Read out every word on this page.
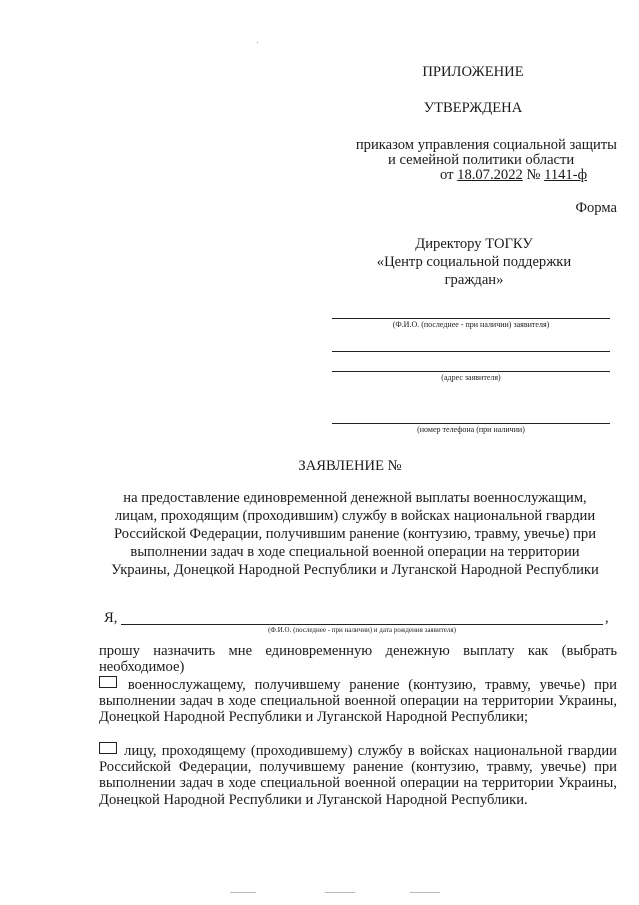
ПРИЛОЖЕНИЕ
УТВЕРЖДЕНА
приказом управления социальной защиты
и семейной политики области
от 18.07.2022 № 1141-ф
Форма
Директору ТОГКУ
«Центр социальной поддержки
граждан»
(Ф.И.О. (последнее - при наличии) заявителя)
(адрес заявителя)
(номер телефона (при наличии)
ЗАЯВЛЕНИЕ №
на предоставление единовременной денежной выплаты военнослужащим,
лицам, проходящим (проходившим) службу в войсках национальной гвардии
Российской Федерации, получившим ранение (контузию, травму, увечье) при
выполнении задач в ходе специальной военной операции на территории
Украины, Донецкой Народной Республики и Луганской Народной Республики
Я,	,
(Ф.И.О. (последнее - при наличии) и дата рождения заявителя)
прошу назначить мне единовременную денежную выплату как (выбрать необходимое)
военнослужащему, получившему ранение (контузию, травму, увечье) при выполнении задач в ходе специальной военной операции на территории Украины, Донецкой Народной Республики и Луганской Народной Республики;
лицу, проходящему (проходившему) службу в войсках национальной гвардии Российской Федерации, получившему ранение (контузию, травму, увечье) при выполнении задач в ходе специальной военной операции на территории Украины, Донецкой Народной Республики и Луганской Народной Республики.
